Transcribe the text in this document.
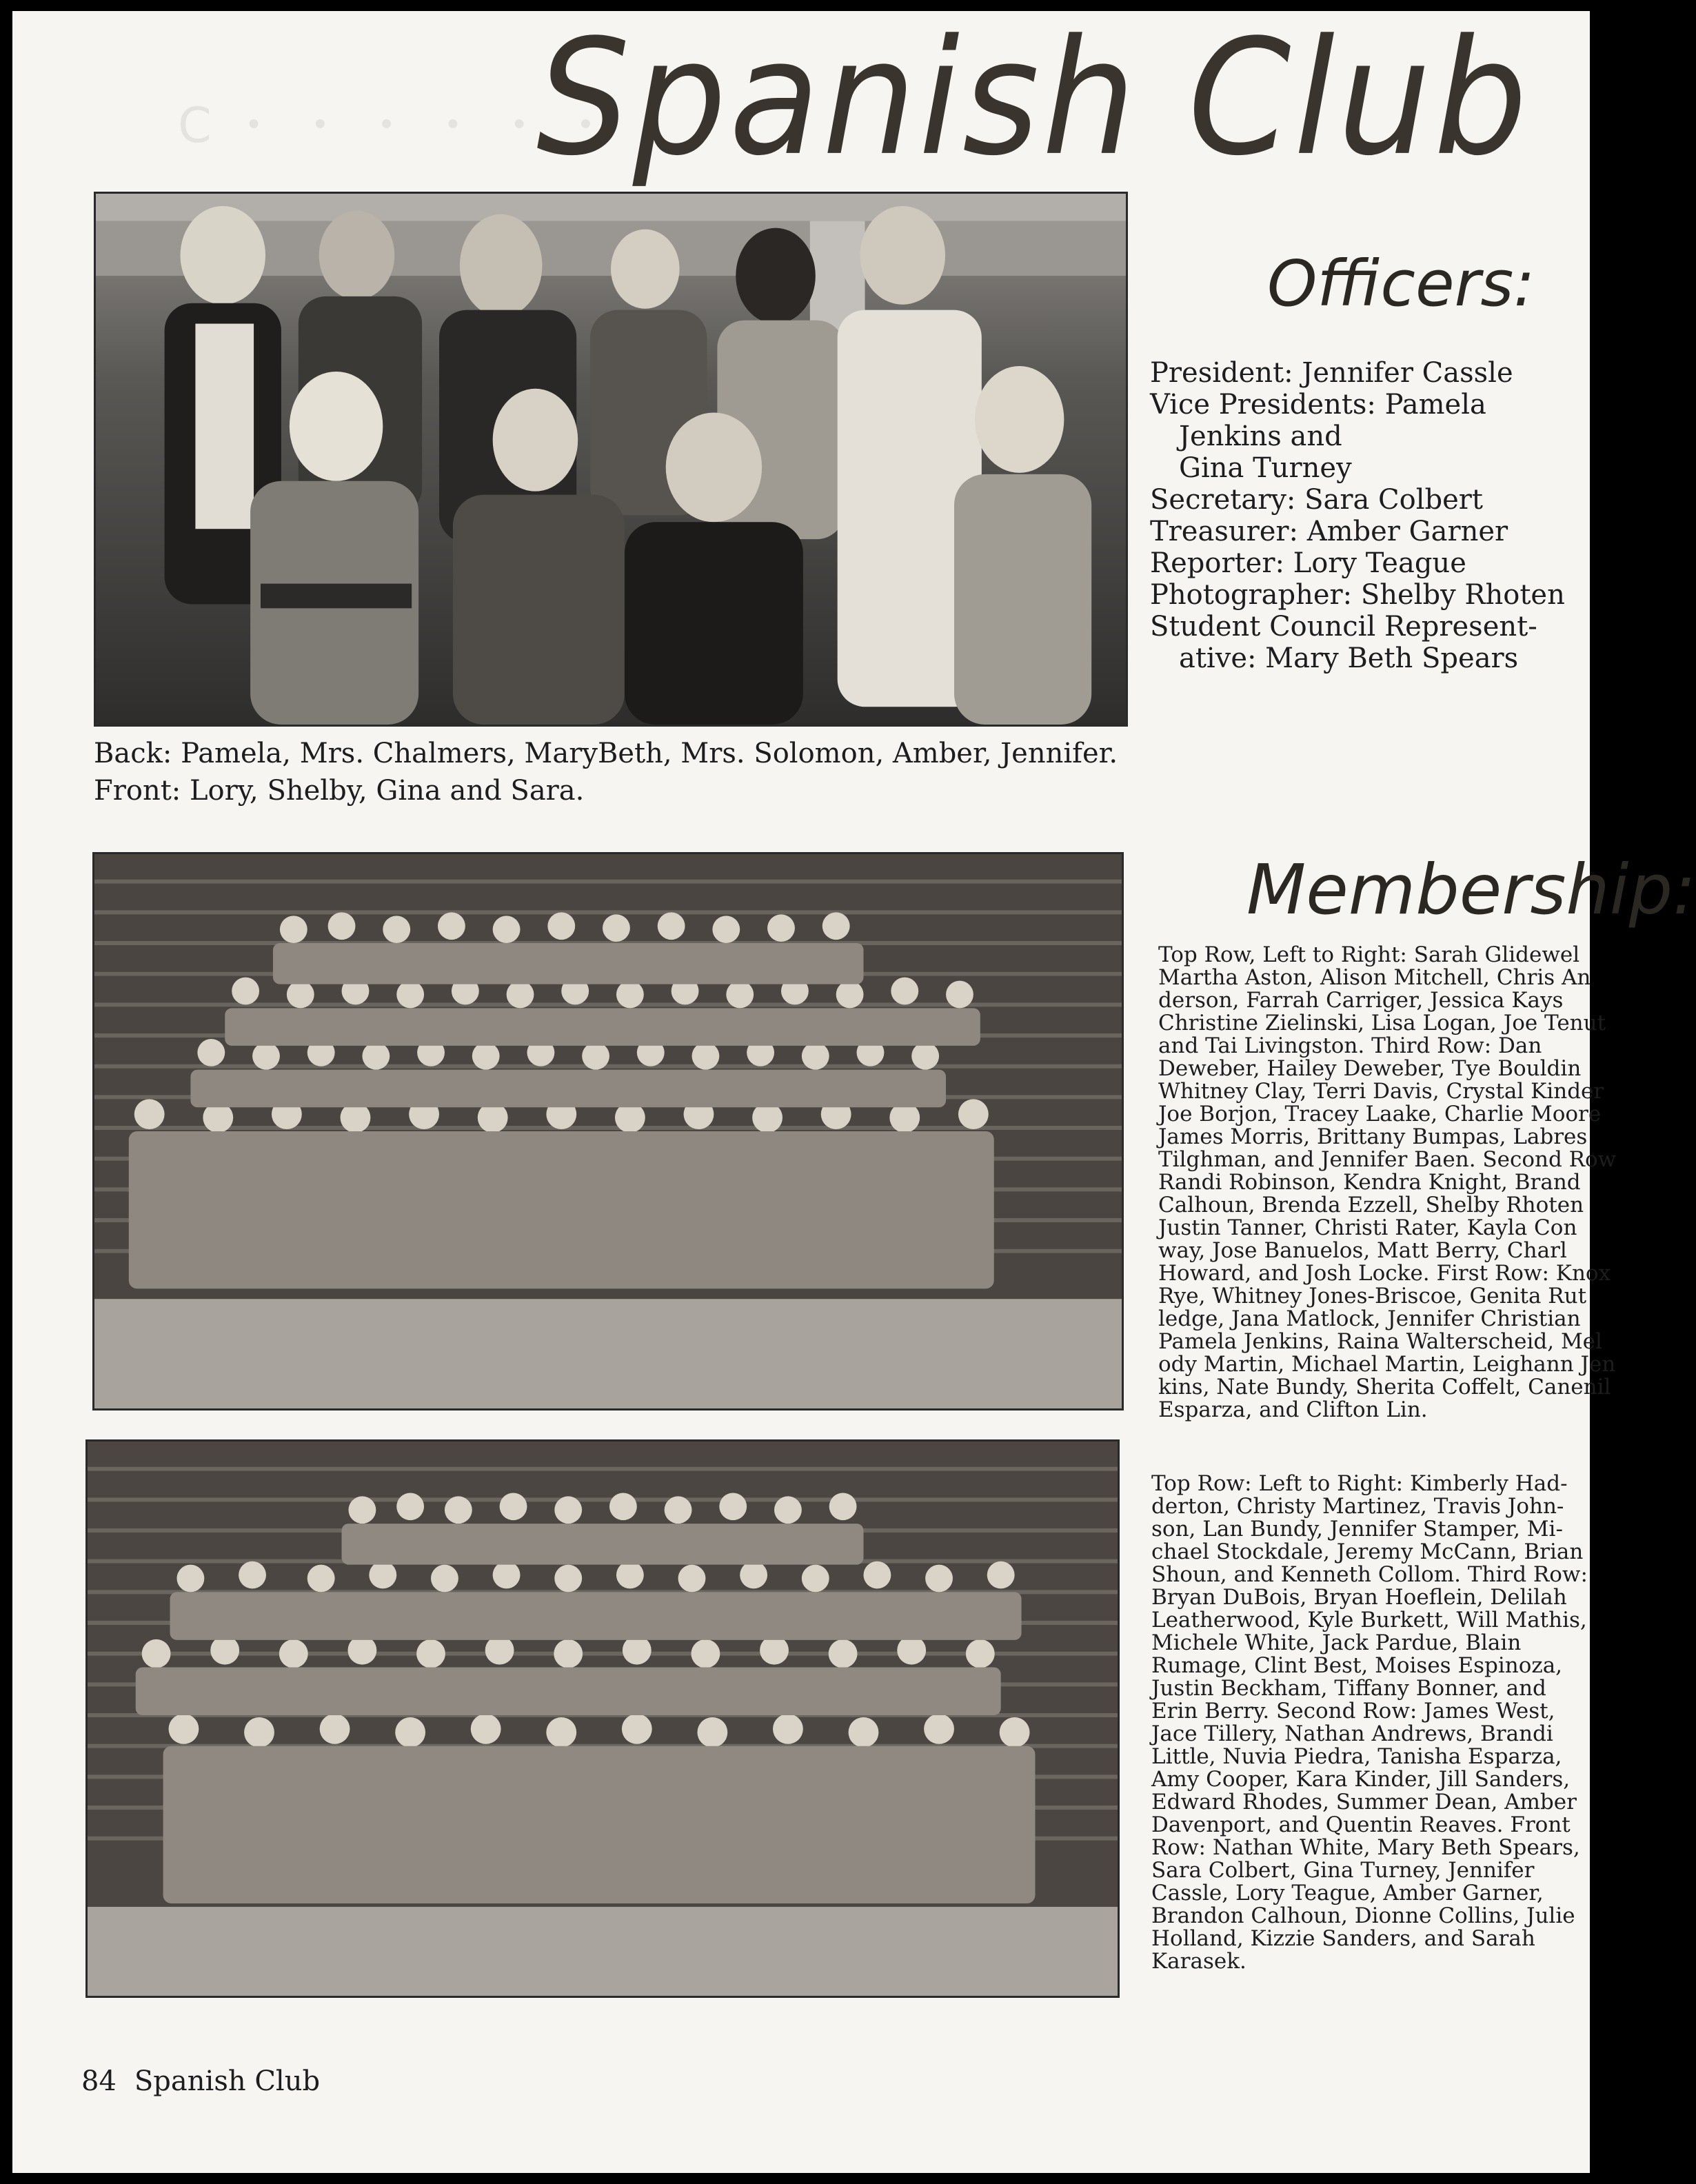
Ⅽ ・ ・ ・ ・ ・ ・ ・
Spanish Club
Back: Pamela, Mrs. Chalmers, MaryBeth, Mrs. Solomon, Amber, Jennifer.
Front: Lory, Shelby, Gina and Sara.
Officers:
President: Jennifer Cassle
Vice Presidents: Pamela
Jenkins and
Gina Turney
Secretary: Sara Colbert
Treasurer: Amber Garner
Reporter: Lory Teague
Photographer: Shelby Rhoten
Student Council Represent-
ative: Mary Beth Spears
Membership:
Top Row, Left to Right: Sarah Glidewel
Martha Aston, Alison Mitchell, Chris An
derson, Farrah Carriger, Jessica Kays
Christine Zielinski, Lisa Logan, Joe Tenut
and Tai Livingston. Third Row: Dan
Deweber, Hailey Deweber, Tye Bouldin
Whitney Clay, Terri Davis, Crystal Kinder
Joe Borjon, Tracey Laake, Charlie Moore
James Morris, Brittany Bumpas, Labres
Tilghman, and Jennifer Baen. Second Row
Randi Robinson, Kendra Knight, Brand
Calhoun, Brenda Ezzell, Shelby Rhoten
Justin Tanner, Christi Rater, Kayla Con
way, Jose Banuelos, Matt Berry, Charl
Howard, and Josh Locke. First Row: Knox
Rye, Whitney Jones-Briscoe, Genita Rut
ledge, Jana Matlock, Jennifer Christian
Pamela Jenkins, Raina Walterscheid, Mel
ody Martin, Michael Martin, Leighann Jen
kins, Nate Bundy, Sherita Coffelt, Canenil
Esparza, and Clifton Lin.
Top Row: Left to Right: Kimberly Had-
derton, Christy Martinez, Travis John-
son, Lan Bundy, Jennifer Stamper, Mi-
chael Stockdale, Jeremy McCann, Brian
Shoun, and Kenneth Collom. Third Row:
Bryan DuBois, Bryan Hoeflein, Delilah
Leatherwood, Kyle Burkett, Will Mathis,
Michele White, Jack Pardue, Blain
Rumage, Clint Best, Moises Espinoza,
Justin Beckham, Tiffany Bonner, and
Erin Berry. Second Row: James West,
Jace Tillery, Nathan Andrews, Brandi
Little, Nuvia Piedra, Tanisha Esparza,
Amy Cooper, Kara Kinder, Jill Sanders,
Edward Rhodes, Summer Dean, Amber
Davenport, and Quentin Reaves. Front
Row: Nathan White, Mary Beth Spears,
Sara Colbert, Gina Turney, Jennifer
Cassle, Lory Teague, Amber Garner,
Brandon Calhoun, Dionne Collins, Julie
Holland, Kizzie Sanders, and Sarah
Karasek.
84 Spanish Club
